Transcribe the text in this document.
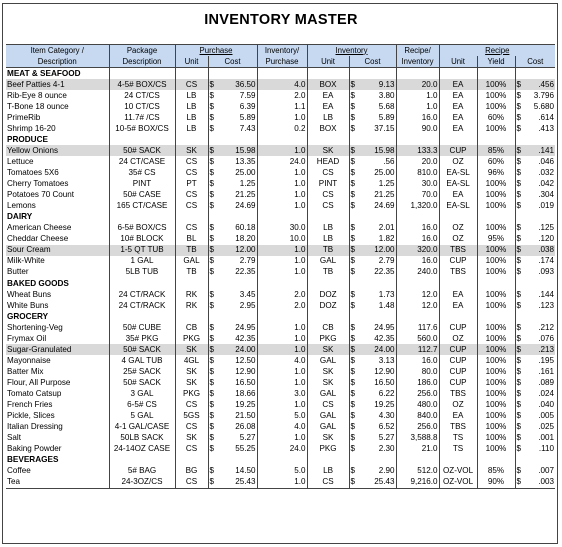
INVENTORY MASTER
Item Category /	Package	Purchase		Inventory/	Inventory		Recipe/	Recipe		
Description	Description	Unit	Cost	Purchase	Unit	Cost	Inventory	Unit	Yield	Cost
MEAT & SEAFOOD										
Beef Patties 4-1	4-5# BOX/CS	CS	$ 36.50	4.0	BOX	$ 9.13	20.0	EA	100%	$ .456

Rib-Eye 8 ounce	24 CT/CS	LB	$ 7.59	2.0	EA	$ 3.80	1.0	EA	100%	$ 3.796

T-Bone 18 ounce	10 CT/CS	LB	$ 6.39	1.1	EA	$ 5.68	1.0	EA	100%	$ 5.680

PrimeRib	11.7# /CS	LB	$ 5.89	1.0	LB	$ 5.89	16.0	EA	60%	$ .614

Shrimp 16-20	10-5# BOX/CS	LB	$ 7.43	0.2	BOX	$ 37.15	90.0	EA	100%	$ .413

PRODUCE										
Yellow Onions	50# SACK	SK	$ 15.98	1.0	SK	$ 15.98	133.3	CUP	85%	$ .141

Lettuce	24 CT/CASE	CS	$ 13.35	24.0	HEAD	$ .56	20.0	OZ	60%	$ .046

Tomatoes 5X6	35# CS	CS	$ 25.00	1.0	CS	$ 25.00	810.0	EA-SL	96%	$ .032

Cherry Tomatoes	PINT	PT	$ 1.25	1.0	PINT	$ 1.25	30.0	EA-SL	100%	$ .042

Potatoes 70 Count	50# CASE	CS	$ 21.25	1.0	CS	$ 21.25	70.0	EA	100%	$ .304

Lemons	165 CT/CASE	CS	$ 24.69	1.0	CS	$ 24.69	1,320.0	EA-SL	100%	$ .019

DAIRY										
American Cheese	6-5# BOX/CS	CS	$ 60.18	30.0	LB	$ 2.01	16.0	OZ	100%	$ .125

Cheddar Cheese	10# BLOCK	BL	$ 18.20	10.0	LB	$ 1.82	16.0	OZ	95%	$ .120

Sour Cream	1-5 QT TUB	TB	$ 12.00	1.0	TB	$ 12.00	320.0	TBS	100%	$ .038

Milk-White	1 GAL	GAL	$ 2.79	1.0	GAL	$ 2.79	16.0	CUP	100%	$ .174

Butter	5LB TUB	TB	$ 22.35	1.0	TB	$ 22.35	240.0	TBS	100%	$ .093

BAKED GOODS										
Wheat Buns	24 CT/RACK	RK	$ 3.45	2.0	DOZ	$ 1.73	12.0	EA	100%	$ .144

White Buns	24 CT/RACK	RK	$ 2.95	2.0	DOZ	$ 1.48	12.0	EA	100%	$ .123

GROCERY										
Shortening-Veg	50# CUBE	CB	$ 24.95	1.0	CB	$ 24.95	117.6	CUP	100%	$ .212

Frymax Oil	35# PKG	PKG	$ 42.35	1.0	PKG	$ 42.35	560.0	OZ	100%	$ .076

Sugar-Granulated	50# SACK	SK	$ 24.00	1.0	SK	$ 24.00	112.7	CUP	100%	$ .213

Mayonnaise	4 GAL TUB	4GL	$ 12.50	4.0	GAL	$ 3.13	16.0	CUP	100%	$ .195

Batter Mix	25# SACK	SK	$ 12.90	1.0	SK	$ 12.90	80.0	CUP	100%	$ .161

Flour, All Purpose	50# SACK	SK	$ 16.50	1.0	SK	$ 16.50	186.0	CUP	100%	$ .089

Tomato Catsup	3 GAL	PKG	$ 18.66	3.0	GAL	$ 6.22	256.0	TBS	100%	$ .024

French Fries	6-5# CS	CS	$ 19.25	1.0	CS	$ 19.25	480.0	OZ	100%	$ .040

Pickle, Slices	5 GAL	5GS	$ 21.50	5.0	GAL	$ 4.30	840.0	EA	100%	$ .005

Italian Dressing	4-1 GAL/CASE	CS	$ 26.08	4.0	GAL	$ 6.52	256.0	TBS	100%	$ .025

Salt	50LB SACK	SK	$ 5.27	1.0	SK	$ 5.27	3,588.8	TS	100%	$ .001

Baking Powder	24-14OZ CASE	CS	$ 55.25	24.0	PKG	$ 2.30	21.0	TS	100%	$ .110

BEVERAGES										
Coffee	5# BAG	BG	$ 14.50	5.0	LB	$ 2.90	512.0	OZ-VOL	85%	$ .007

Tea	24-3OZ/CS	CS	$ 25.43	1.0	CS	$ 25.43	9,216.0	OZ-VOL	90%	$ .003
